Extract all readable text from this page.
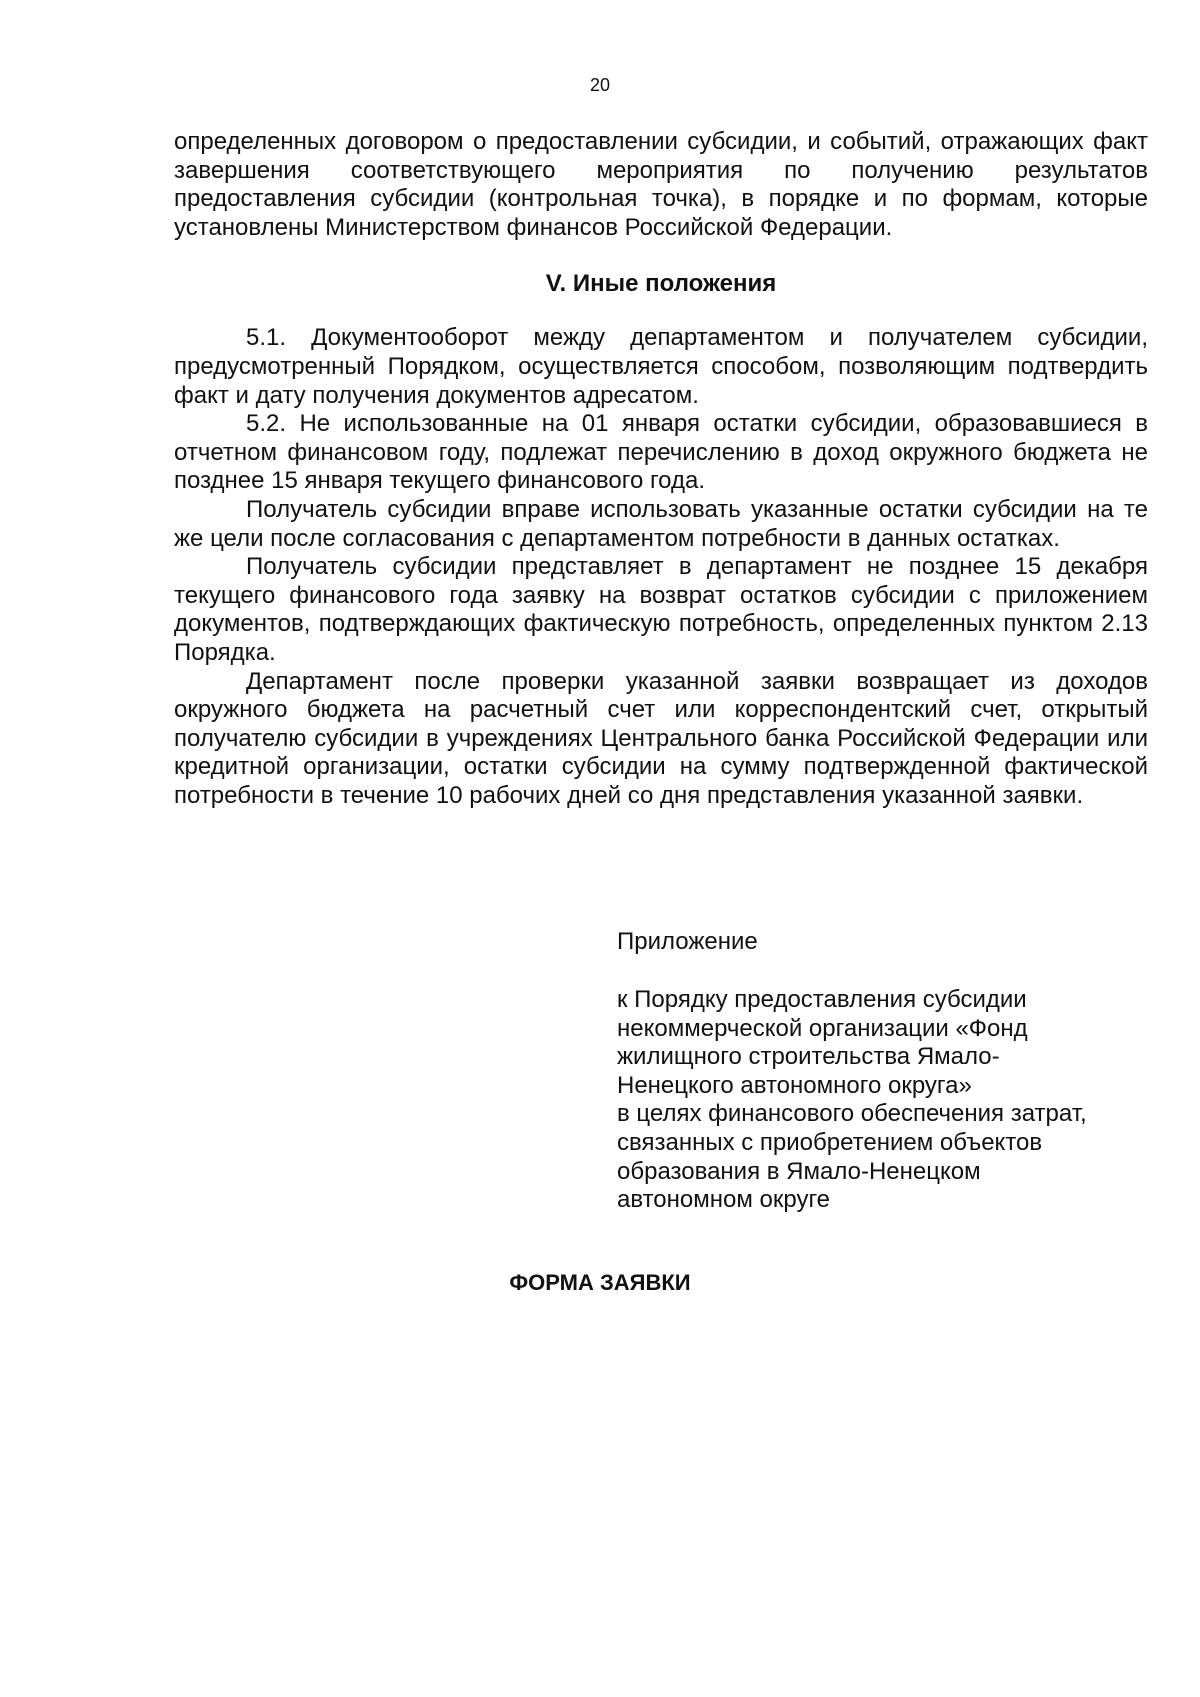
20

определенных договором о предоставлении субсидии, и событий, отражающих факт завершения соответствующего мероприятия по получению результатов предоставления субсидии (контрольная точка), в порядке и по формам, которые установлены Министерством финансов Российской Федерации.

V. Иные положения

5.1. Документооборот между департаментом и получателем субсидии, предусмотренный Порядком, осуществляется способом, позволяющим подтвердить факт и дату получения документов адресатом.

5.2. Не использованные на 01 января остатки субсидии, образовавшиеся в отчетном финансовом году, подлежат перечислению в доход окружного бюджета не позднее 15 января текущего финансового года.

Получатель субсидии вправе использовать указанные остатки субсидии на те же цели после согласования с департаментом потребности в данных остатках.

Получатель субсидии представляет в департамент не позднее 15 декабря текущего финансового года заявку на возврат остатков субсидии с приложением документов, подтверждающих фактическую потребность, определенных пунктом 2.13 Порядка.

Департамент после проверки указанной заявки возвращает из доходов окружного бюджета на расчетный счет или корреспондентский счет, открытый получателю субсидии в учреждениях Центрального банка Российской Федерации или кредитной организации, остатки субсидии на сумму подтвержденной фактической потребности в течение 10 рабочих дней со дня представления указанной заявки.

Приложение
к Порядку предоставления субсидии
некоммерческой организации «Фонд
жилищного строительства Ямало-
Ненецкого автономного округа»
в целях финансового обеспечения затрат,
связанных с приобретением объектов
образования в Ямало-Ненецком
автономном округе
ФОРМА ЗАЯВКИ
